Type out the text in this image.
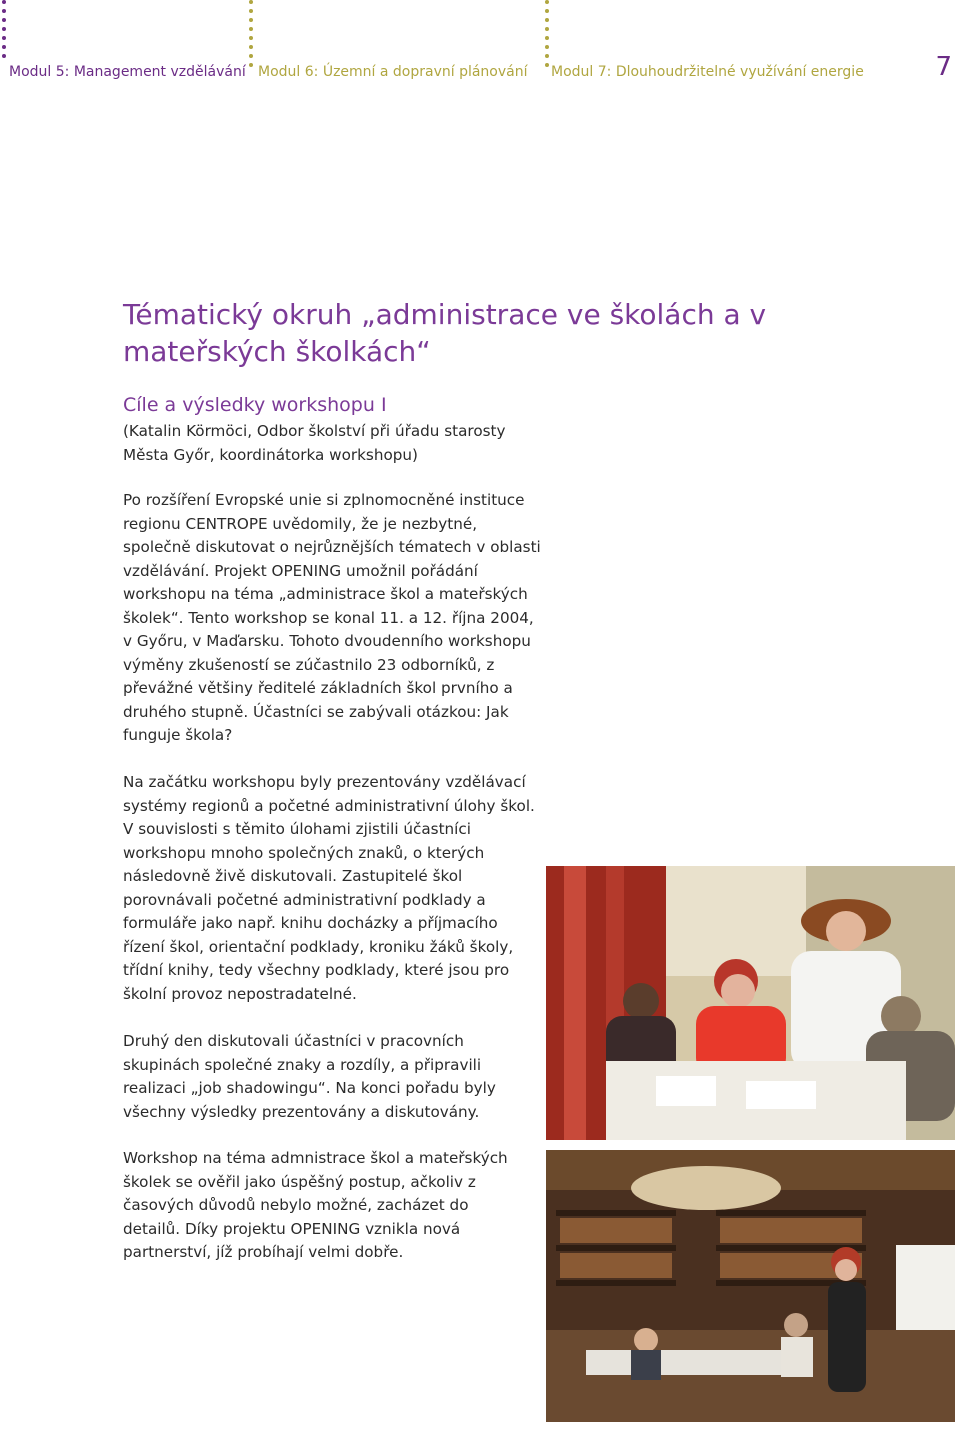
Modul 5: Management vzdělávání Modul 6: Územní a dopravní plánování Modul 7: Dlouhoudržitelné využívání energie	7
Tématický okruh „administrace ve školách a v mateřských školkách“
Cíle a výsledky workshopu I

(Katalin Körmöci, Odbor školství při úřadu starosty Města Győr, koordinátorka workshopu)

Po rozšíření Evropské unie si zplnomocněné instituce regionu CENTROPE uvědomily, že je nezbytné, společně diskutovat o nejrůznějších tématech v oblasti vzdělávání. Projekt OPENING umožnil pořádání workshopu na téma „administrace škol a mateřských školek“. Tento workshop se konal 11. a 12. října 2004, v Győru, v Maďarsku. Tohoto dvoudenního workshopu výměny zkušeností se zúčastnilo 23 odborníků, z převážné většiny ředitelé základních škol prvního a druhého stupně. Účastníci se zabývali otázkou: Jak funguje škola?

Na začátku workshopu byly prezentovány vzdělávací systémy regionů a početné administrativní úlohy škol. V souvislosti s těmito úlohami zjistili účastníci workshopu mnoho společných znaků, o kterých následovně živě diskutovali. Zastupitelé škol porovnávali početné administrativní podklady a formuláře jako např. knihu docházky a příjmacího řízení škol, orientační podklady, kroniku žáků školy, třídní knihy, tedy všechny podklady, které jsou pro školní provoz nepostradatelné.

Druhý den diskutovali účastníci v pracovních skupinách společné znaky a rozdíly, a připravili realizaci „job shadowingu“. Na konci pořadu byly všechny výsledky prezentovány a diskutovány.

Workshop na téma admnistrace škol a mateřských školek se ověřil jako úspěšný postup, ačkoliv z časových důvodů nebylo možné, zacházet do detailů. Díky projektu OPENING vznikla nová partnerství, jíž probíhají velmi dobře.
